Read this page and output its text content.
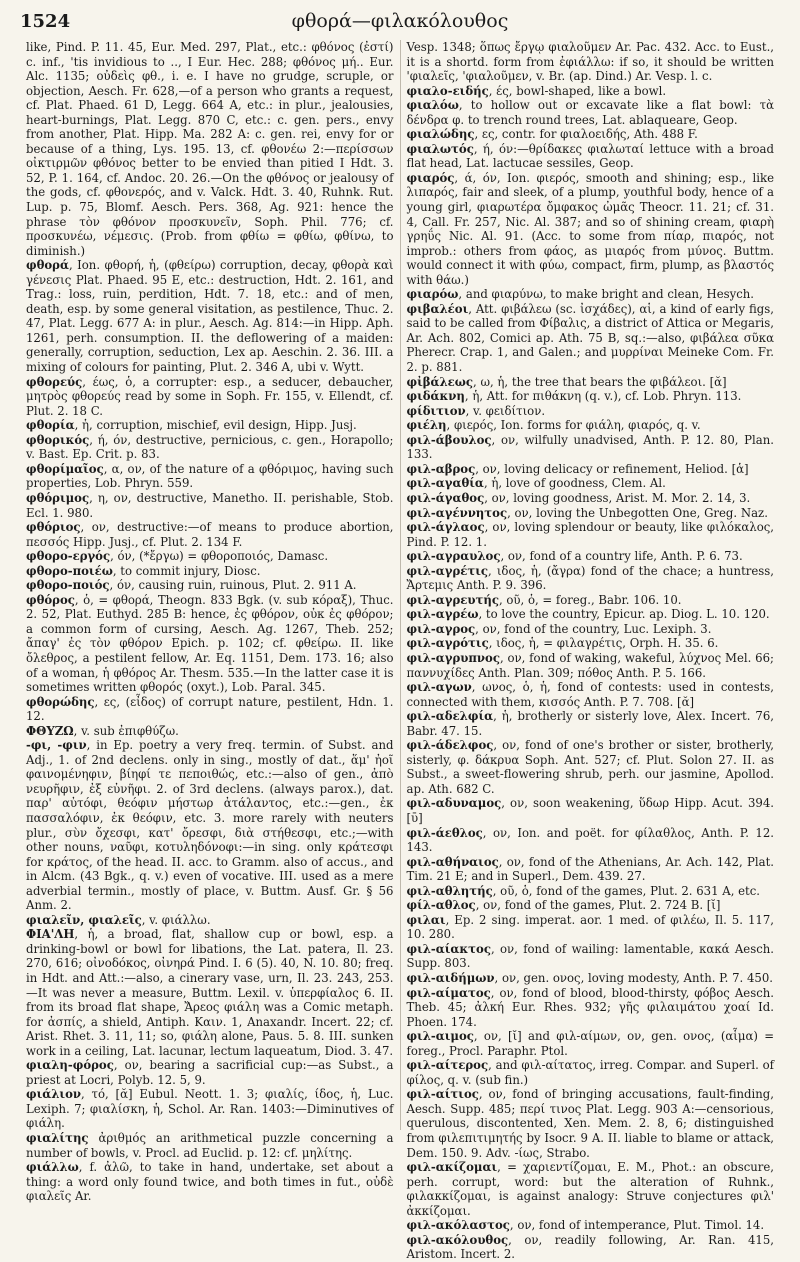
1524	φθορά—φιλακόλουθος

like, Pind. P. 11. 45, Eur. Med. 297, Plat., etc.: φθόνος (ἐστί) c. inf., 'tis invidious to .., I Eur. Hec. 288; φθόνος μή.. Eur. Alc. 1135; οὐδεὶς φθ., i. e. I have no grudge, scruple, or objection, Aesch. Fr. 628,—of a person who grants a request, cf. Plat. Phaed. 61 D, Legg. 664 A, etc.: in plur., jealousies, heart-burnings, Plat. Legg. 870 C, etc.: c. gen. pers., envy from another, Plat. Hipp. Ma. 282 A: c. gen. rei, envy for or because of a thing, Lys. 195. 13, cf. φθονέω 2:—περίσσων οἰκτιρμῶν φθόνος better to be envied than pitied I Hdt. 3. 52, P. 1. 164, cf. Andoc. 20. 26.—On the φθόνος or jealousy of the gods, cf. φθονερός, and v. Valck. Hdt. 3. 40, Ruhnk. Rut. Lup. p. 75, Blomf. Aesch. Pers. 368, Ag. 921: hence the phrase τὸν φθόνον προσκυνεῖν, Soph. Phil. 776; cf. προσκυνέω, νέμεσις. (Prob. from φθίω = φθίω, φθίνω, to diminish.)

φθορά, Ion. φθορή, ἡ, (φθείρω) corruption, decay, φθορὰ καὶ γένεσις Plat. Phaed. 95 E, etc.: destruction, Hdt. 2. 161, and Trag.: loss, ruin, perdition, Hdt. 7. 18, etc.: and of men, death, esp. by some general visitation, as pestilence, Thuc. 2. 47, Plat. Legg. 677 A: in plur., Aesch. Ag. 814:—in Hipp. Aph. 1261, perh. consumption. II. the deflowering of a maiden: generally, corruption, seduction, Lex ap. Aeschin. 2. 36. III. a mixing of colours for painting, Plut. 2. 346 A, ubi v. Wytt.

φθορεύς, έως, ὁ, a corrupter: esp., a seducer, debaucher, μητρὸς φθορεύς read by some in Soph. Fr. 155, v. Ellendt, cf. Plut. 2. 18 C.

φθορία, ἡ, corruption, mischief, evil design, Hipp. Jusj.

φθορικός, ή, όν, destructive, pernicious, c. gen., Horapollo; v. Bast. Ep. Crit. p. 83.

φθορίμαῖος, α, ον, of the nature of a φθόριμος, having such properties, Lob. Phryn. 559.

φθόριμος, η, ον, destructive, Manetho. II. perishable, Stob. Ecl. 1. 980.

φθόριος, ον, destructive:—of means to produce abortion, πεσσός Hipp. Jusj., cf. Plut. 2. 134 F.

φθορο-εργός, όν, (*ἔργω) = φθοροποιός, Damasc.

φθορο-ποιέω, to commit injury, Diosc.

φθορο-ποιός, όν, causing ruin, ruinous, Plut. 2. 911 A.

φθόρος, ὁ, = φθορά, Theogn. 833 Bgk. (v. sub κόραξ), Thuc. 2. 52, Plat. Euthyd. 285 B: hence, ἐς φθόρον, οὐκ ἐς φθόρον; a common form of cursing, Aesch. Ag. 1267, Theb. 252; ἄπαγ' ἐς τὸν φθόρον Epich. p. 102; cf. φθείρω. II. like ὄλεθρος, a pestilent fellow, Ar. Eq. 1151, Dem. 173. 16; also of a woman, ἡ φθόρος Ar. Thesm. 535.—In the latter case it is sometimes written φθορός (oxyt.), Lob. Paral. 345.

φθορώδης, ες, (εἶδος) of corrupt nature, pestilent, Hdn. 1. 12.

ΦΘΥΖΩ, v. sub ἐπιφθύζω.

-φι, -φιν, in Ep. poetry a very freq. termin. of Subst. and Adj., 1. of 2nd declens. only in sing., mostly of dat., ἅμ' ἠοῖ φαινομένηφιν, βίηφί τε πεποιθώς, etc.:—also of gen., ἀπὸ νευρῆφιν, ἐξ εὐνῆφι. 2. of 3rd declens. (always parox.), dat. παρ' αὐτόφι, θεόφιν μήστωρ ἀτάλαντος, etc.:—gen., ἐκ πασσαλόφιν, ἐκ θεόφιν, etc. 3. more rarely with neuters plur., σὺν ὄχεσφι, κατ' ὄρεσφι, διὰ στήθεσφι, etc.;—with other nouns, ναῦφι, κοτυληδόνοφι:—in sing. only κράτεσφι for κράτος, of the head. II. acc. to Gramm. also of accus., and in Alcm. (43 Bgk., q. v.) even of vocative. III. used as a mere adverbial termin., mostly of place, v. Buttm. Ausf. Gr. § 56 Anm. 2.

φιαλεῖν, φιαλεῖς, v. φιάλλω.

ΦΙΑ'ΛΗ, ἡ, a broad, flat, shallow cup or bowl, esp. a drinking-bowl or bowl for libations, the Lat. patera, Il. 23. 270, 616; οἰνοδόκος, οἰνηρά Pind. I. 6 (5). 40, N. 10. 80; freq. in Hdt. and Att.:—also, a cinerary vase, urn, Il. 23. 243, 253.—It was never a measure, Buttm. Lexil. v. ὑπερφίαλος 6. II. from its broad flat shape, Ἄρεος φιάλη was a Comic metaph. for ἀσπίς, a shield, Antiph. Καιν. 1, Anaxandr. Incert. 22; cf. Arist. Rhet. 3. 11, 11; so, φιάλη alone, Paus. 5. 8. III. sunken work in a ceiling, Lat. lacunar, lectum laqueatum, Diod. 3. 47.

φιαλη-φόρος, ον, bearing a sacrificial cup:—as Subst., a priest at Locri, Polyb. 12. 5, 9.

φιάλιον, τό, [ᾰ] Eubul. Neott. 1. 3; φιαλίς, ίδος, ἡ, Luc. Lexiph. 7; φιαλίσκη, ἡ, Schol. Ar. Ran. 1403:—Diminutives of φιάλη.

φιαλίτης ἀριθμός an arithmetical puzzle concerning a number of bowls, v. Procl. ad Euclid. p. 12: cf. μηλίτης.

φιάλλω, f. ἀλῶ, to take in hand, undertake, set about a thing: a word only found twice, and both times in fut., οὐδὲ φιαλεῖς Ar.

Vesp. 1348; ὅπως ἔργῳ φιαλοῦμεν Ar. Pac. 432. Acc. to Eust., it is a shortd. form from ἐφιάλλω: if so, it should be written 'φιαλεῖς, 'φιαλοῦμεν, v. Br. (ap. Dind.) Ar. Vesp. l. c.

φιαλο-ειδής, ές, bowl-shaped, like a bowl.

φιαλόω, to hollow out or excavate like a flat bowl: τὰ δένδρα φ. to trench round trees, Lat. ablaqueare, Geop.

φιαλώδης, ες, contr. for φιαλοειδής, Ath. 488 F.

φιαλωτός, ή, όν:—θρίδακες φιαλωταί lettuce with a broad flat head, Lat. lactucae sessiles, Geop.

φιαρός, ά, όν, Ion. φιερός, smooth and shining; esp., like λιπαρός, fair and sleek, of a plump, youthful body, hence of a young girl, φιαρωτέρα ὄμφακος ὠμᾶς Theocr. 11. 21; cf. 31. 4, Call. Fr. 257, Nic. Al. 387; and so of shining cream, φιαρὴ γρηΰς Nic. Al. 91. (Acc. to some from πίαρ, πιαρός, not improb.: others from φάος, as μιαρός from μύνος. Buttm. would connect it with φύω, compact, firm, plump, as βλαστός with θάω.)

φιαρόω, and φιαρύνω, to make bright and clean, Hesych.

φιβαλέοι, Att. φιβάλεω (sc. ἰσχάδες), αἱ, a kind of early figs, said to be called from Φίβαλις, a district of Attica or Megaris, Ar. Ach. 802, Comici ap. Ath. 75 B, sq.:—also, φιβάλεα σῦκα Pherecr. Crap. 1, and Galen.; and μυρρίναι Meineke Com. Fr. 2. p. 881.

φἰβάλεως, ω, ἡ, the tree that bears the φιβάλεοι. [ᾰ]

φιδάκνη, ἡ, Att. for πιθάκνη (q. v.), cf. Lob. Phryn. 113.

φίδιτιον, v. φειδίτιον.

φιέλη, φιερός, Ion. forms for φιάλη, φιαρός, q. v.

φιλ-άβουλος, ον, wilfully unadvised, Anth. P. 12. 80, Plan. 133.

φιλ-αβρος, ον, loving delicacy or refinement, Heliod. [ἁ]

φιλ-αγαθία, ἡ, love of goodness, Clem. Al.

φιλ-άγαθος, ον, loving goodness, Arist. M. Mor. 2. 14, 3.

φιλ-αγέννητος, ον, loving the Unbegotten One, Greg. Naz.

φιλ-άγλαος, ον, loving splendour or beauty, like φιλόκαλος, Pind. P. 12. 1.

φιλ-αγραυλος, ον, fond of a country life, Anth. P. 6. 73.

φιλ-αγρέτις, ιδος, ἡ, (ἄγρα) fond of the chace; a huntress, Ἄρτεμις Anth. P. 9. 396.

φιλ-αγρευτής, οῦ, ὁ, = foreg., Babr. 106. 10.

φιλ-αγρέω, to love the country, Epicur. ap. Diog. L. 10. 120.

φιλ-αγρος, ον, fond of the country, Luc. Lexiph. 3.

φιλ-αγρότις, ιδος, ἡ, = φιλαγρέτις, Orph. H. 35. 6.

φιλ-αγρυπνος, ον, fond of waking, wakeful, λύχνος Mel. 66; παννυχίδες Anth. Plan. 309; πόθος Anth. P. 5. 166.

φιλ-αγων, ωνος, ὁ, ἡ, fond of contests: used in contests, connected with them, κισσός Anth. P. 7. 708. [ᾰ]

φιλ-αδελφία, ἡ, brotherly or sisterly love, Alex. Incert. 76, Babr. 47. 15.

φιλ-άδελφος, ον, fond of one's brother or sister, brotherly, sisterly, φ. δάκρυα Soph. Ant. 527; cf. Plut. Solon 27. II. as Subst., a sweet-flowering shrub, perh. our jasmine, Apollod. ap. Ath. 682 C.

φιλ-αδυναμος, ον, soon weakening, ὕδωρ Hipp. Acut. 394. [ῡ]

φιλ-άεθλος, ον, Ion. and poët. for φίλαθλος, Anth. P. 12. 143.

φιλ-αθήναιος, ον, fond of the Athenians, Ar. Ach. 142, Plat. Tim. 21 E; and in Superl., Dem. 439. 27.

φιλ-αθλητής, οῦ, ὁ, fond of the games, Plut. 2. 631 A, etc.

φίλ-αθλος, ον, fond of the games, Plut. 2. 724 B. [ῐ]

φιλαι, Ep. 2 sing. imperat. aor. 1 med. of φιλέω, Il. 5. 117, 10. 280.

φιλ-αίακτος, ον, fond of wailing: lamentable, κακά Aesch. Supp. 803.

φιλ-αιδήμων, ον, gen. ονος, loving modesty, Anth. P. 7. 450.

φιλ-αίματος, ον, fond of blood, blood-thirsty, φόβος Aesch. Theb. 45; ἀλκή Eur. Rhes. 932; γῆς φιλαιμάτου χοαί Id. Phoen. 174.

φιλ-αιμος, ον, [ῐ] and φιλ-αίμων, ον, gen. ονος, (αἷμα) = foreg., Procl. Paraphr. Ptol.

φιλ-αίτερος, and φιλ-αίτατος, irreg. Compar. and Superl. of φίλος, q. v. (sub fin.)

φιλ-αίτιος, ον, fond of bringing accusations, fault-finding, Aesch. Supp. 485; περί τινος Plat. Legg. 903 A:—censorious, querulous, discontented, Xen. Mem. 2. 8, 6; distinguished from φιλεπιτιμητής by Isocr. 9 A. II. liable to blame or attack, Dem. 150. 9. Adv. -ίως, Strabo.

φιλ-ακίζομαι, = χαριεντίζομαι, E. M., Phot.: an obscure, perh. corrupt, word: but the alteration of Ruhnk., φιλακκίζομαι, is against analogy: Struve conjectures φιλ' ἀκκίζομαι.

φιλ-ακόλαστος, ον, fond of intemperance, Plut. Timol. 14.

φιλ-ακόλουθος, ον, readily following, Ar. Ran. 415, Aristom. Incert. 2.
